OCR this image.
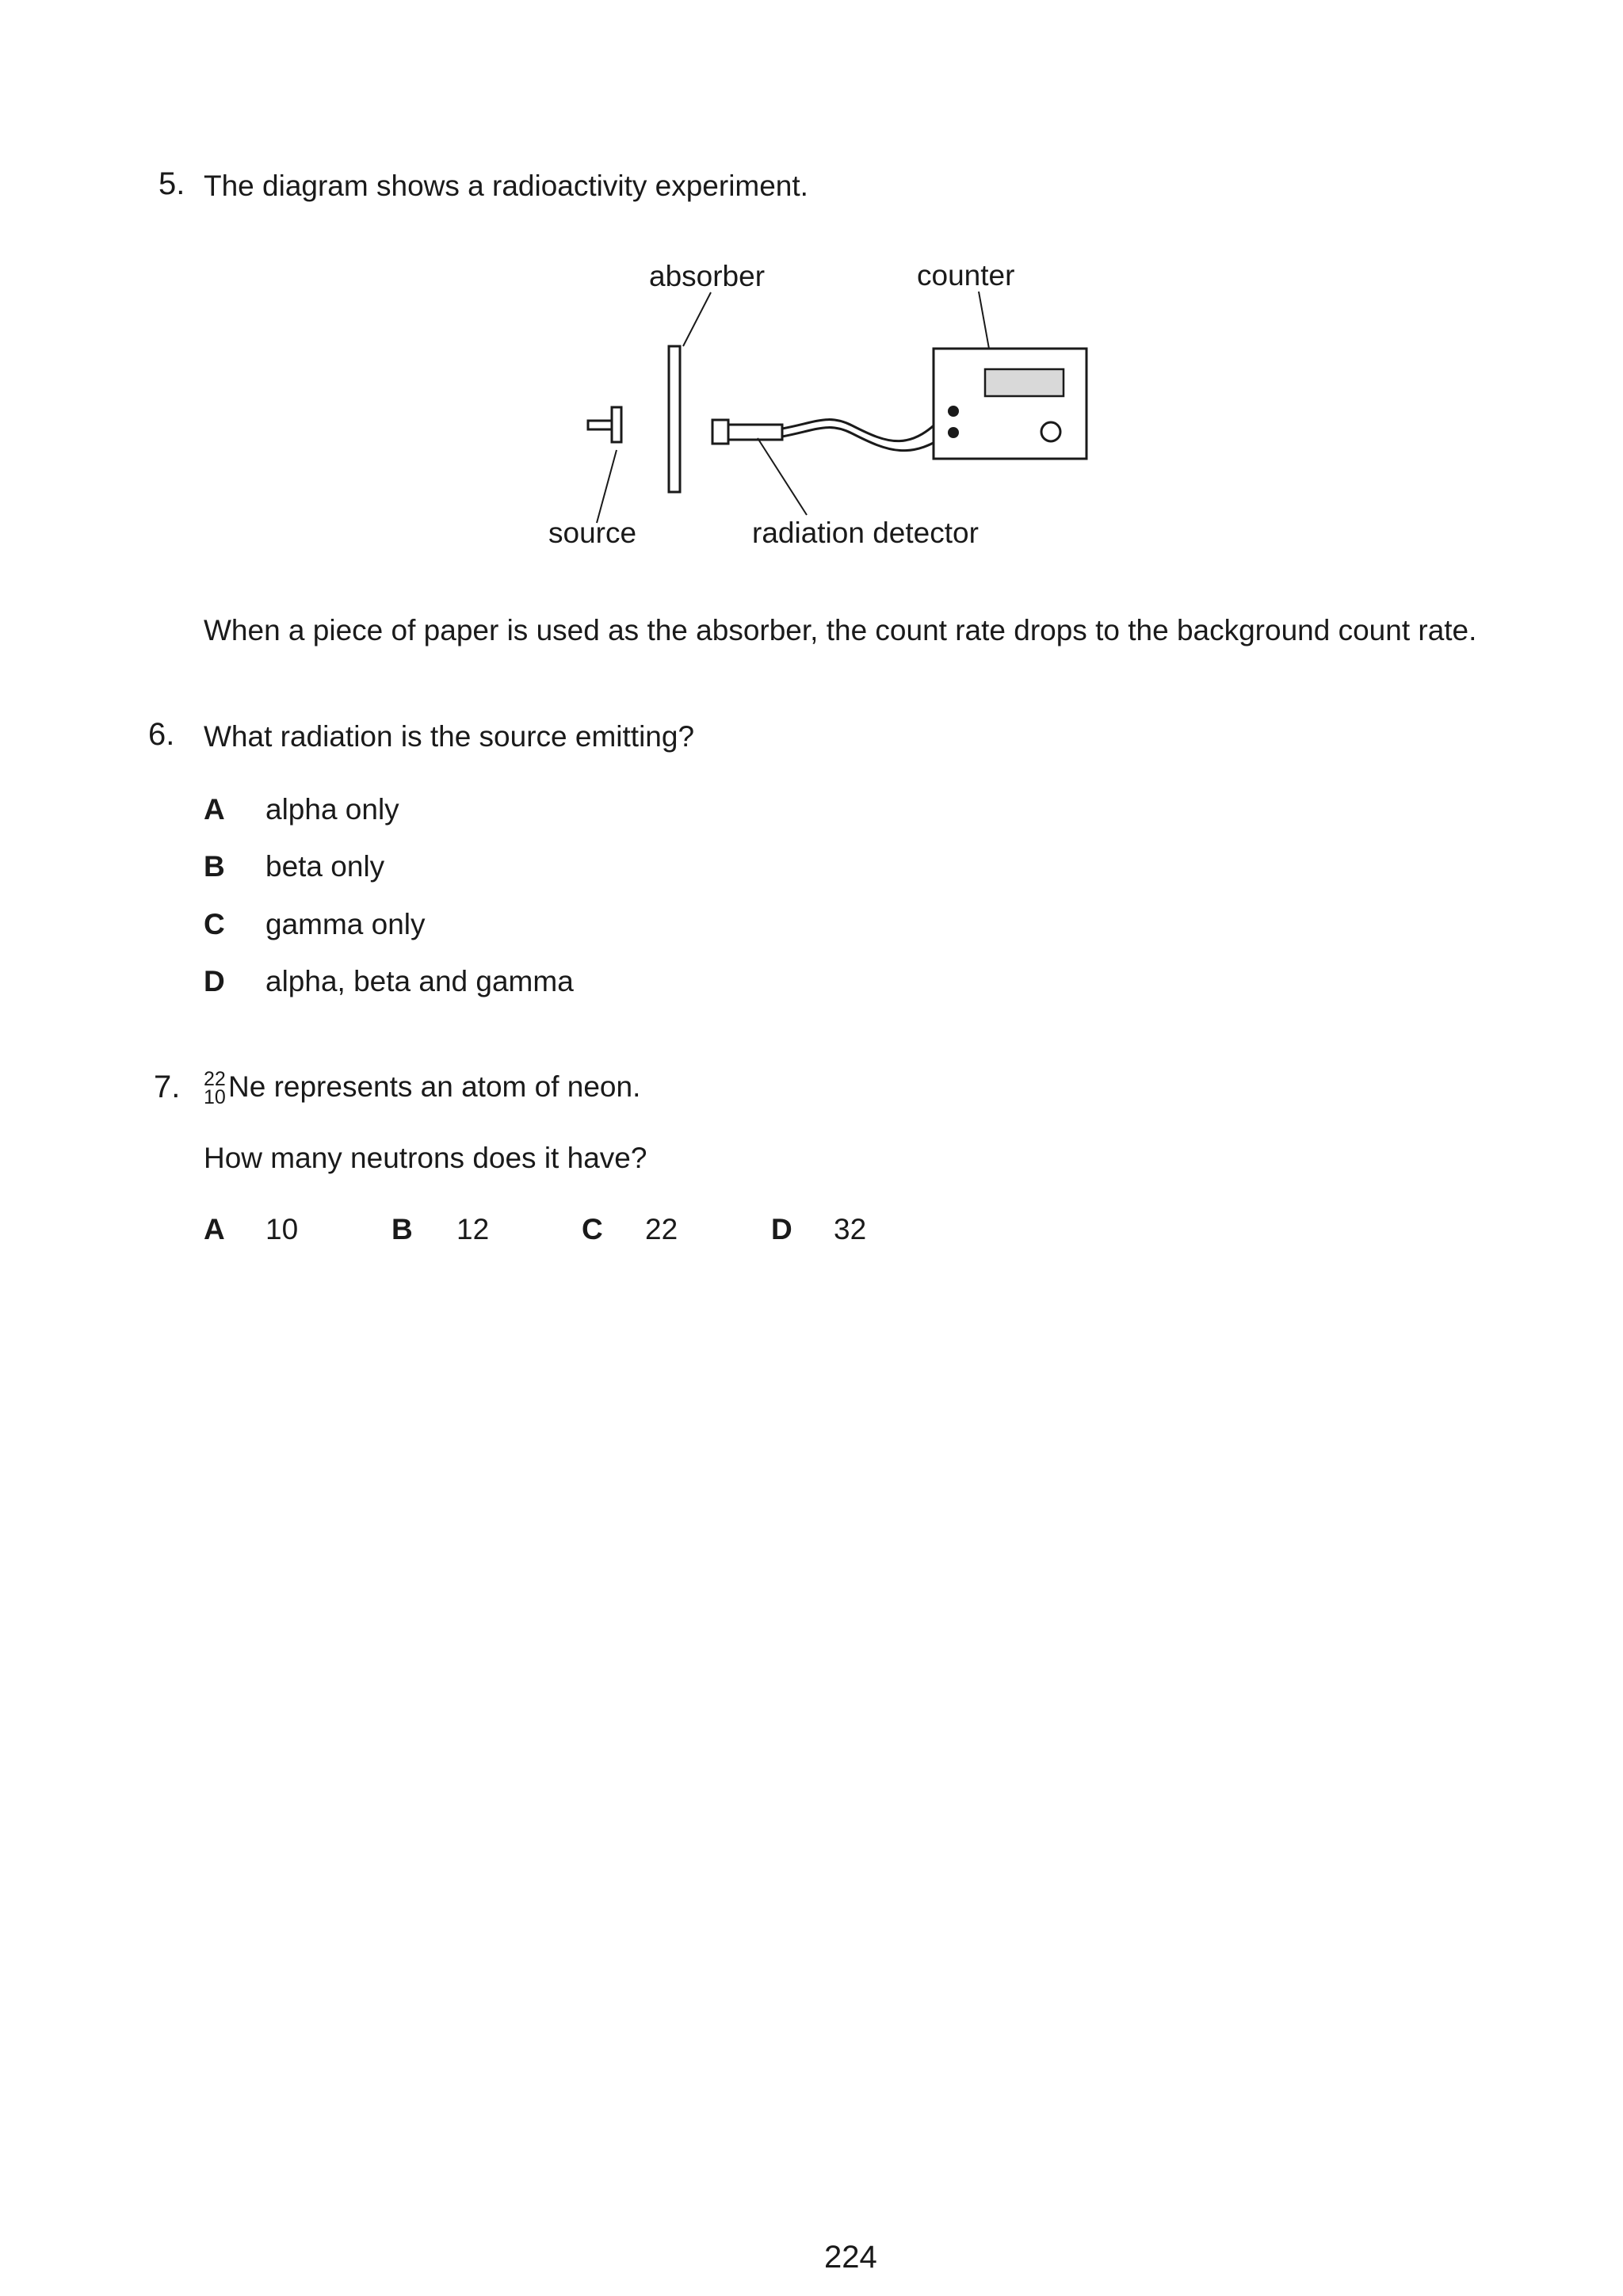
5. The diagram shows a radioactivity experiment.
absorber	counter
source	radiation detector
When a piece of paper is used as the absorber, the count rate drops to the background count rate.
6. What radiation is the source emitting?
A alpha only
B beta only
C gamma only
D alpha, beta and gamma
7. 22
10 Ne represents an atom of neon.
How many neutrons does it have?
A 10	B 12	C 22	D 32
224
